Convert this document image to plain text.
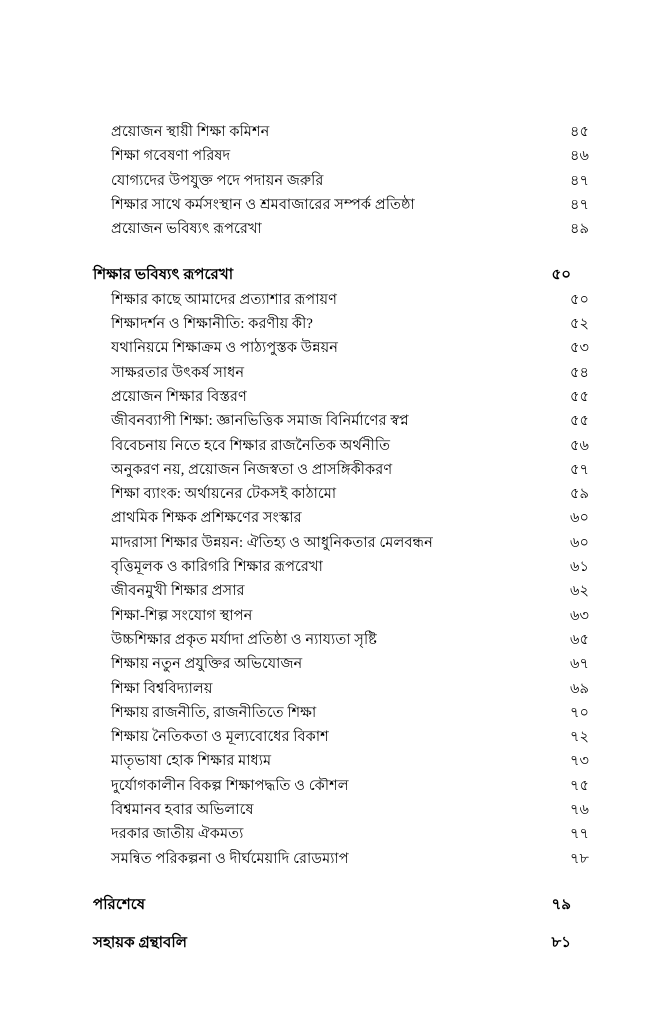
প্রয়োজন স্থায়ী শিক্ষা কমিশন	৪৫
শিক্ষা গবেষণা পরিষদ	৪৬
যোগ্যদের উপযুক্ত পদে পদায়ন জরুরি	৪৭
শিক্ষার সাথে কর্মসংস্থান ও শ্রমবাজারের সম্পর্ক প্রতিষ্ঠা	৪৭
প্রয়োজন ভবিষ্যৎ রূপরেখা	৪৯
শিক্ষার ভবিষ্যৎ রূপরেখা	৫০
শিক্ষার কাছে আমাদের প্রত্যাশার রূপায়ণ	৫০
শিক্ষাদর্শন ও শিক্ষানীতি: করণীয় কী?	৫২
যথানিয়মে শিক্ষাক্রম ও পাঠ্যপুস্তক উন্নয়ন	৫৩
সাক্ষরতার উৎকর্ষ সাধন	৫৪
প্রয়োজন শিক্ষার বিস্তরণ	৫৫
জীবনব্যাপী শিক্ষা: জ্ঞানভিত্তিক সমাজ বিনির্মাণের স্বপ্ন	৫৫
বিবেচনায় নিতে হবে শিক্ষার রাজনৈতিক অর্থনীতি	৫৬
অনুকরণ নয়, প্রয়োজন নিজস্বতা ও প্রাসঙ্গিকীকরণ	৫৭
শিক্ষা ব্যাংক: অর্থায়নের টেকসই কাঠামো	৫৯
প্রাথমিক শিক্ষক প্রশিক্ষণের সংস্কার	৬০
মাদরাসা শিক্ষার উন্নয়ন: ঐতিহ্য ও আধুনিকতার মেলবন্ধন	৬০
বৃত্তিমূলক ও কারিগরি শিক্ষার রূপরেখা	৬১
জীবনমুখী শিক্ষার প্রসার	৬২
শিক্ষা-শিল্প সংযোগ স্থাপন	৬৩
উচ্চশিক্ষার প্রকৃত মর্যাদা প্রতিষ্ঠা ও ন্যায্যতা সৃষ্টি	৬৫
শিক্ষায় নতুন প্রযুক্তির অভিযোজন	৬৭
শিক্ষা বিশ্ববিদ্যালয়	৬৯
শিক্ষায় রাজনীতি, রাজনীতিতে শিক্ষা	৭০
শিক্ষায় নৈতিকতা ও মূল্যবোধের বিকাশ	৭২
মাতৃভাষা হোক শিক্ষার মাধ্যম	৭৩
দুর্যোগকালীন বিকল্প শিক্ষাপদ্ধতি ও কৌশল	৭৫
বিশ্বমানব হবার অভিলাষে	৭৬
দরকার জাতীয় ঐকমত্য	৭৭
সমন্বিত পরিকল্পনা ও দীর্ঘমেয়াদি রোডম্যাপ	৭৮
পরিশেষে	৭৯
সহায়ক গ্রন্থাবলি	৮১
